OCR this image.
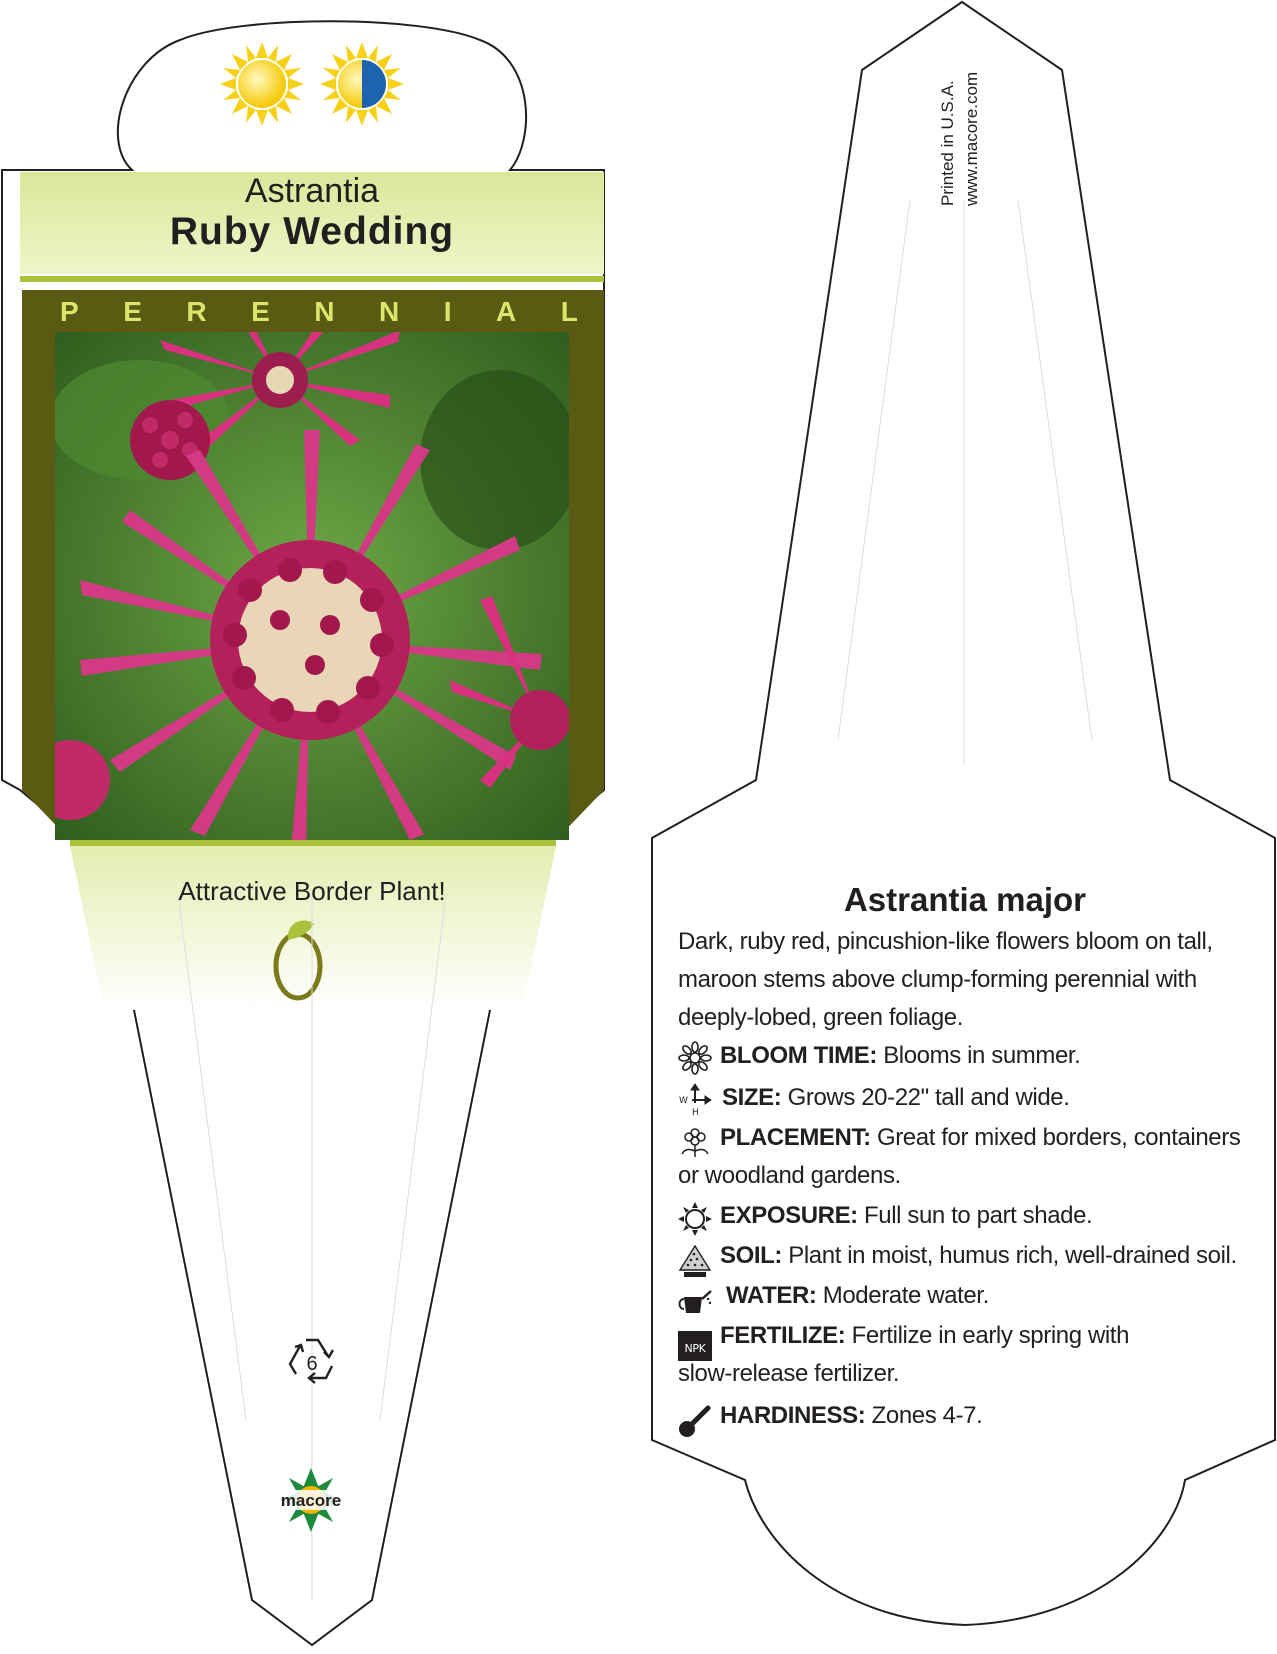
Astrantia
Ruby Wedding
P E R E N N I A L
Attractive Border Plant!
6
macore
Printed in U.S.A. www.macore.com
Astrantia major
Dark, ruby red, pincushion-like flowers bloom on tall,
maroon stems above clump-forming perennial with
deeply-lobed, green foliage.
BLOOM TIME: Blooms in summer.
W
H
SIZE: Grows 20-22" tall and wide.
PLACEMENT: Great for mixed borders, containers
or woodland gardens.
EXPOSURE: Full sun to part shade.
SOIL: Plant in moist, humus rich, well-drained soil.
WATER: Moderate water.
NPK FERTILIZE: Fertilize in early spring with
slow-release fertilizer.
HARDINESS: Zones 4-7.
